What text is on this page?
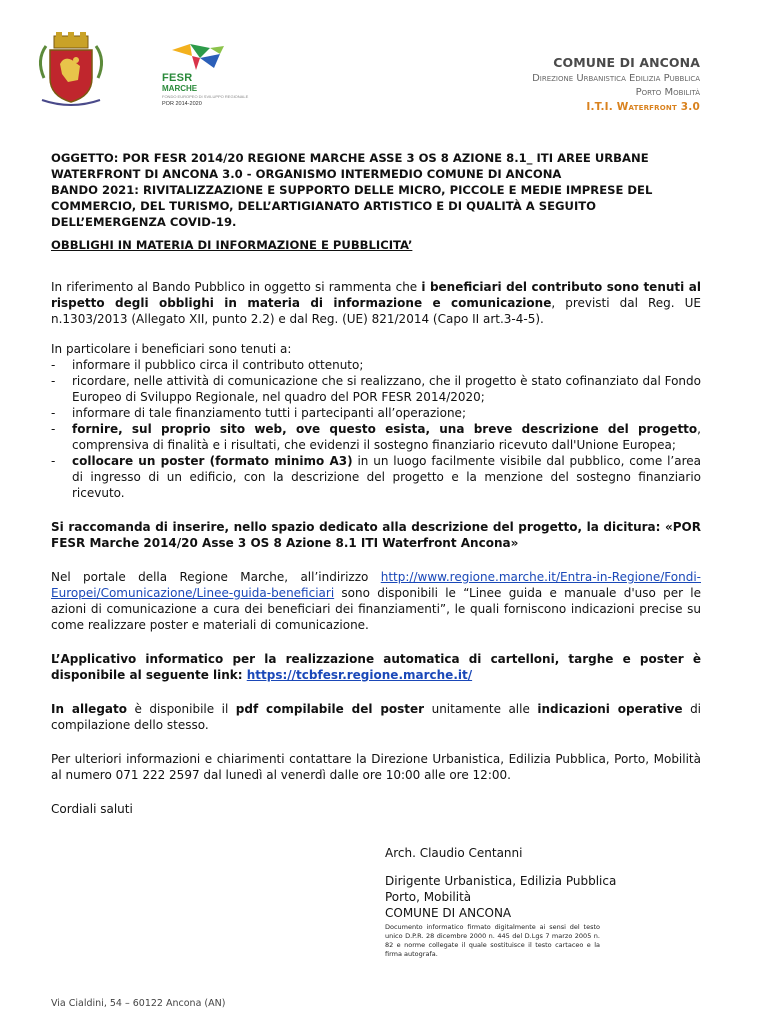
FESR
MARCHE
FONDO EUROPEO DI SVILUPPO REGIONALE
POR 2014-2020
COMUNE DI ANCONA
Direzione Urbanistica Edilizia Pubblica
Porto Mobilità
I.T.I. Waterfront 3.0
OGGETTO: POR FESR 2014/20 REGIONE MARCHE ASSE 3 OS 8 AZIONE 8.1_ ITI AREE URBANE WATERFRONT DI ANCONA 3.0 - ORGANISMO INTERMEDIO COMUNE DI ANCONA
BANDO 2021: RIVITALIZZAZIONE E SUPPORTO DELLE MICRO, PICCOLE E MEDIE IMPRESE DEL COMMERCIO, DEL TURISMO, DELL’ARTIGIANATO ARTISTICO E DI QUALITÀ A SEGUITO DELL’EMERGENZA COVID-19.
OBBLIGHI IN MATERIA DI INFORMAZIONE E PUBBLICITA’

In riferimento al Bando Pubblico in oggetto si rammenta che i beneficiari del contributo sono tenuti al rispetto degli obblighi in materia di informazione e comunicazione, previsti dal Reg. UE n.1303/2013 (Allegato XII, punto 2.2) e dal Reg. (UE) 821/2014 (Capo II art.3-4-5).

In particolare i beneficiari sono tenuti a:

- informare il pubblico circa il contributo ottenuto;
- ricordare, nelle attività di comunicazione che si realizzano, che il progetto è stato cofinanziato dal Fondo Europeo di Sviluppo Regionale, nel quadro del POR FESR 2014/2020;
- informare di tale finanziamento tutti i partecipanti all’operazione;
- fornire, sul proprio sito web, ove questo esista, una breve descrizione del progetto, comprensiva di finalità e i risultati, che evidenzi il sostegno finanziario ricevuto dall'Unione Europea;
- collocare un poster (formato minimo A3) in un luogo facilmente visibile dal pubblico, come l’area di ingresso di un edificio, con la descrizione del progetto e la menzione del sostegno finanziario ricevuto.

Si raccomanda di inserire, nello spazio dedicato alla descrizione del progetto, la dicitura: «POR FESR Marche 2014/20 Asse 3 OS 8 Azione 8.1 ITI Waterfront Ancona»

Nel portale della Regione Marche, all’indirizzo http://www.regione.marche.it/Entra-in-Regione/Fondi-Europei/Comunicazione/Linee-guida-beneficiari sono disponibili le “Linee guida e manuale d'uso per le azioni di comunicazione a cura dei beneficiari dei finanziamenti”, le quali forniscono indicazioni precise su come realizzare poster e materiali di comunicazione.

L’Applicativo informatico per la realizzazione automatica di cartelloni, targhe e poster è disponibile al seguente link: https://tcbfesr.regione.marche.it/

In allegato è disponibile il pdf compilabile del poster unitamente alle indicazioni operative di compilazione dello stesso.

Per ulteriori informazioni e chiarimenti contattare la Direzione Urbanistica, Edilizia Pubblica, Porto, Mobilità al numero 071 222 2597 dal lunedì al venerdì dalle ore 10:00 alle ore 12:00.

Cordiali saluti

Arch. Claudio Centanni
Dirigente Urbanistica, Edilizia Pubblica
Porto, Mobilità
COMUNE DI ANCONA
Documento informatico firmato digitalmente ai sensi del testo unico D.P.R. 28 dicembre 2000 n. 445 del D.Lgs 7 marzo 2005 n. 82 e norme collegate il quale sostituisce il testo cartaceo e la firma autografa.
Via Cialdini, 54 – 60122 Ancona (AN)
